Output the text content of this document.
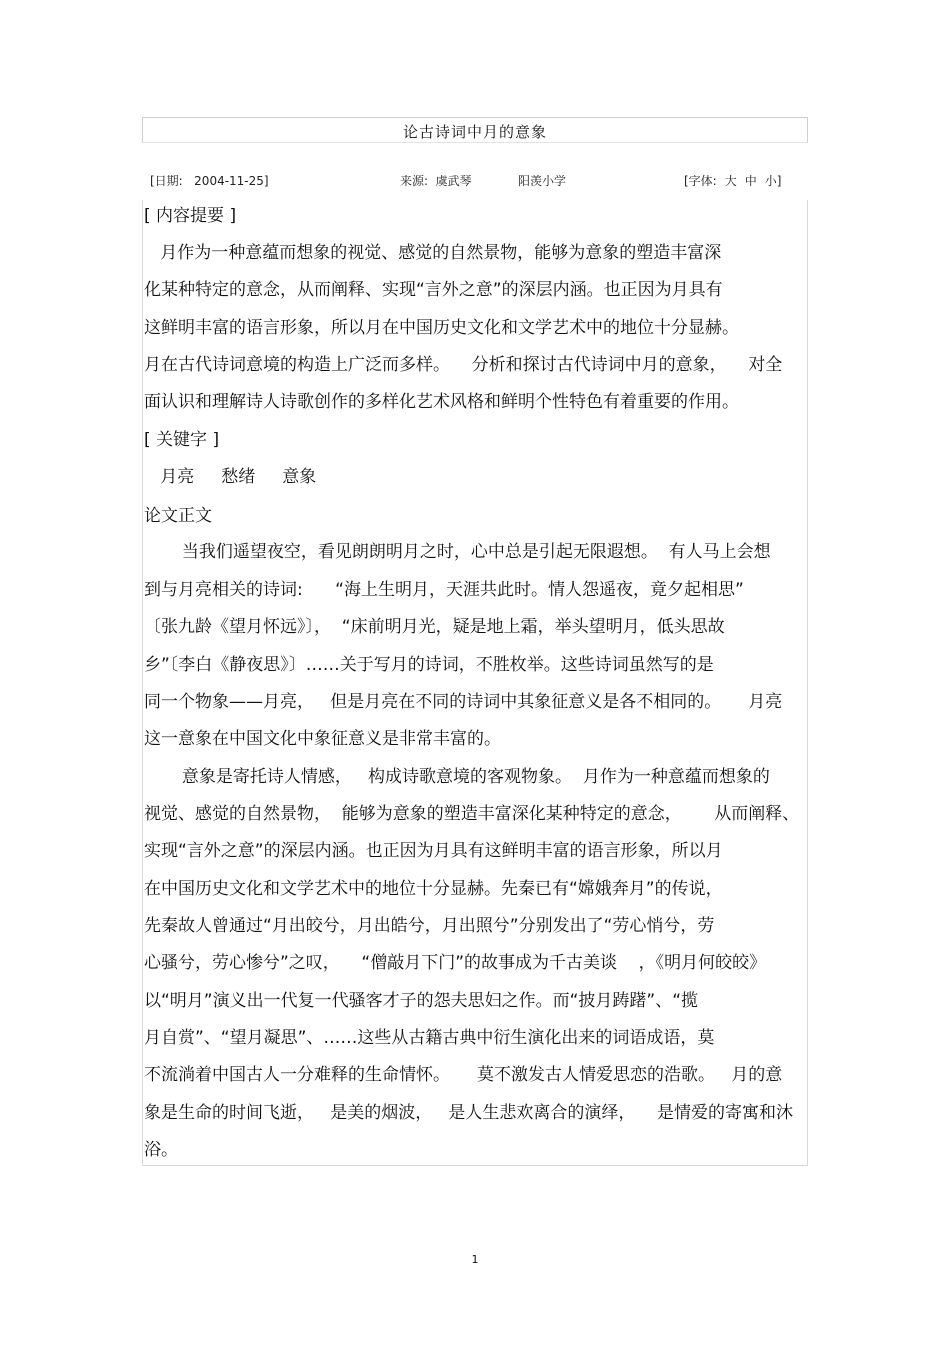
论古诗词中月的意象
[日期:   2004-11-25]	来源:  虞武琴	阳羡小学	[字体: 大 中 小]
[ 内容提要 ]
月作为一种意蕴而想象的视觉、感觉的自然景物，能够为意象的塑造丰富深
化某种特定的意念，从而阐释、实现“言外之意”的深层内涵。也正因为月具有
这鲜明丰富的语言形象，所以月在中国历史文化和文学艺术中的地位十分显赫。
月在古代诗词意境的构造上广泛而多样。    分析和探讨古代诗词中月的意象，    对全
面认识和理解诗人诗歌创作的多样化艺术风格和鲜明个性特色有着重要的作用。
[ 关键字 ]
月亮     愁绪     意象
论文正文
当我们遥望夜空，看见朗朗明月之时，心中总是引起无限遐想。  有人马上会想
到与月亮相关的诗词:      “海上生明月，天涯共此时。情人怨遥夜，竟夕起相思”
〔张九龄《望月怀远》〕，  “床前明月光，疑是地上霜，举头望明月，低头思故
乡”〔李白《静夜思》〕……关于写月的诗词，不胜枚举。这些诗词虽然写的是
同一个物象——月亮，   但是月亮在不同的诗词中其象征意义是各不相同的。     月亮
这一意象在中国文化中象征意义是非常丰富的。
意象是寄托诗人情感，   构成诗歌意境的客观物象。  月作为一种意蕴而想象的
视觉、感觉的自然景物，  能够为意象的塑造丰富深化某种特定的意念，      从而阐释、
实现“言外之意”的深层内涵。也正因为月具有这鲜明丰富的语言形象，所以月
在中国历史文化和文学艺术中的地位十分显赫。先秦已有“嫦娥奔月”的传说，
先秦故人曾通过“月出皎兮，月出皓兮，月出照兮”分别发出了“劳心悄兮，劳
心骚兮，劳心惨兮”之叹，    “僧敲月下门”的故事成为千古美谈    ，《明月何皎皎》
以“明月”演义出一代复一代骚客才子的怨夫思妇之作。而“披月踌躇”、“揽
月自赏”、“望月凝思”、……这些从古籍古典中衍生演化出来的词语成语，莫
不流淌着中国古人一分难释的生命情怀。     莫不激发古人情爱思恋的浩歌。   月的意
象是生命的时间飞逝，   是美的烟波，   是人生悲欢离合的演绎，    是情爱的寄寓和沐
浴。
1
